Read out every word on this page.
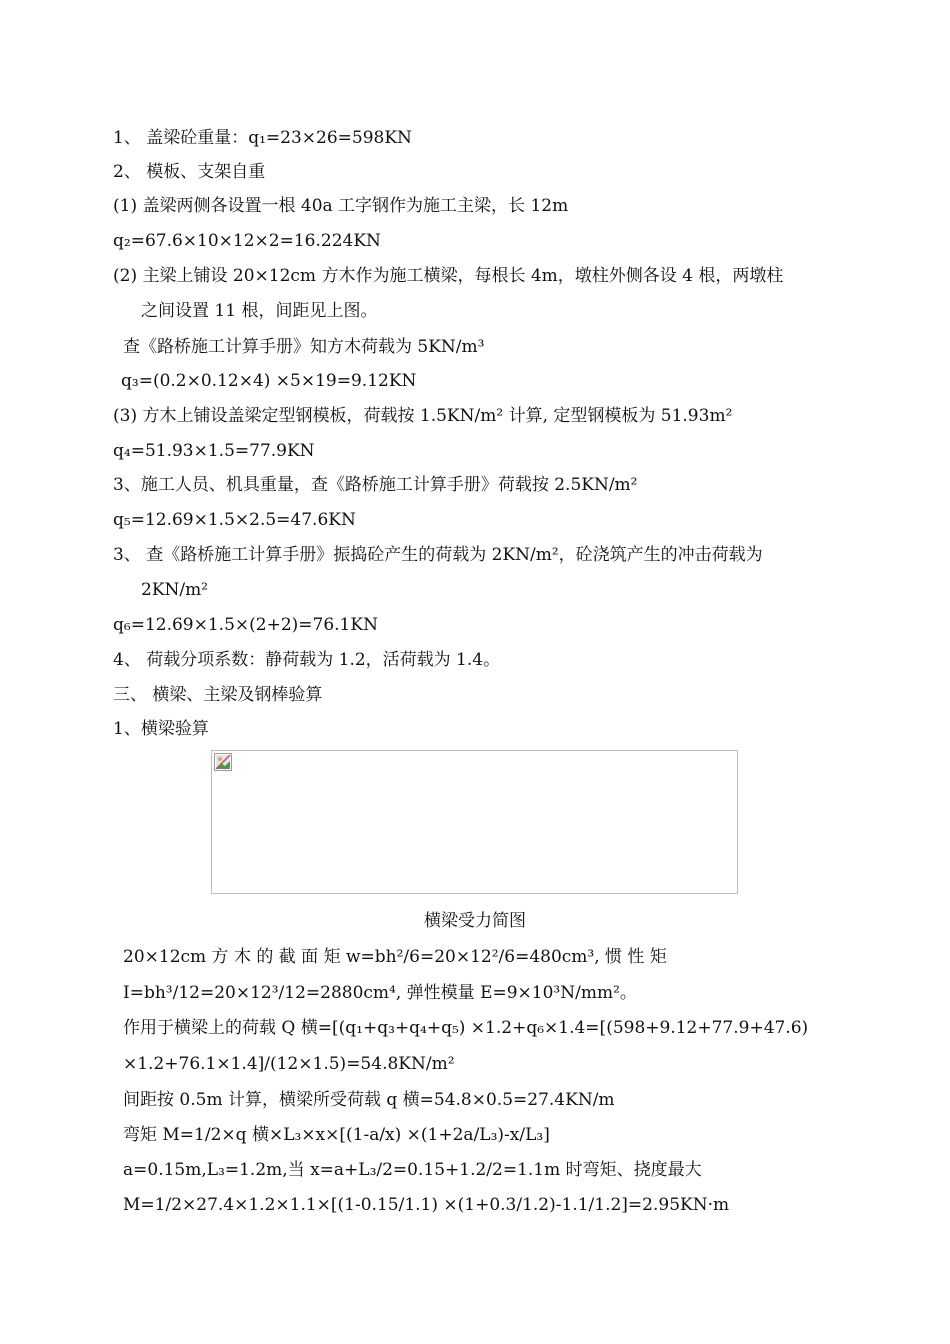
1、 盖梁砼重量：q₁=23×26=598KN
2、 模板、支架自重
(1) 盖梁两侧各设置一根 40a 工字钢作为施工主梁，长 12m
q₂=67.6×10×12×2=16.224KN
(2) 主梁上铺设 20×12cm 方木作为施工横梁，每根长 4m，墩柱外侧各设 4 根，两墩柱
之间设置 11 根，间距见上图。
查《路桥施工计算手册》知方木荷载为 5KN/m³
q₃=(0.2×0.12×4) ×5×19=9.12KN
(3) 方木上铺设盖梁定型钢模板，荷载按 1.5KN/m² 计算, 定型钢模板为 51.93m²
q₄=51.93×1.5=77.9KN
3、施工人员、机具重量，查《路桥施工计算手册》荷载按 2.5KN/m²
q₅=12.69×1.5×2.5=47.6KN
3、 查《路桥施工计算手册》振捣砼产生的荷载为 2KN/m²，砼浇筑产生的冲击荷载为
2KN/m²
q₆=12.69×1.5×(2+2)=76.1KN
4、 荷载分项系数：静荷载为 1.2，活荷载为 1.4。
三、 横梁、主梁及钢棒验算
1、横梁验算
横梁受力简图
20×12cm 方 木 的 截 面 矩 w=bh²/6=20×12²/6=480cm³, 惯 性 矩
I=bh³/12=20×12³/12=2880cm⁴, 弹性模量 E=9×10³N/mm²。
作用于横梁上的荷载 Q 横=[(q₁+q₃+q₄+q₅) ×1.2+q₆×1.4=[(598+9.12+77.9+47.6)
×1.2+76.1×1.4]/(12×1.5)=54.8KN/m²
间距按 0.5m 计算，横梁所受荷载 q 横=54.8×0.5=27.4KN/m
弯矩 M=1/2×q 横×L₃×x×[(1-a/x) ×(1+2a/L₃)-x/L₃]
a=0.15m,L₃=1.2m,当 x=a+L₃/2=0.15+1.2/2=1.1m 时弯矩、挠度最大
M=1/2×27.4×1.2×1.1×[(1-0.15/1.1) ×(1+0.3/1.2)-1.1/1.2]=2.95KN·m
